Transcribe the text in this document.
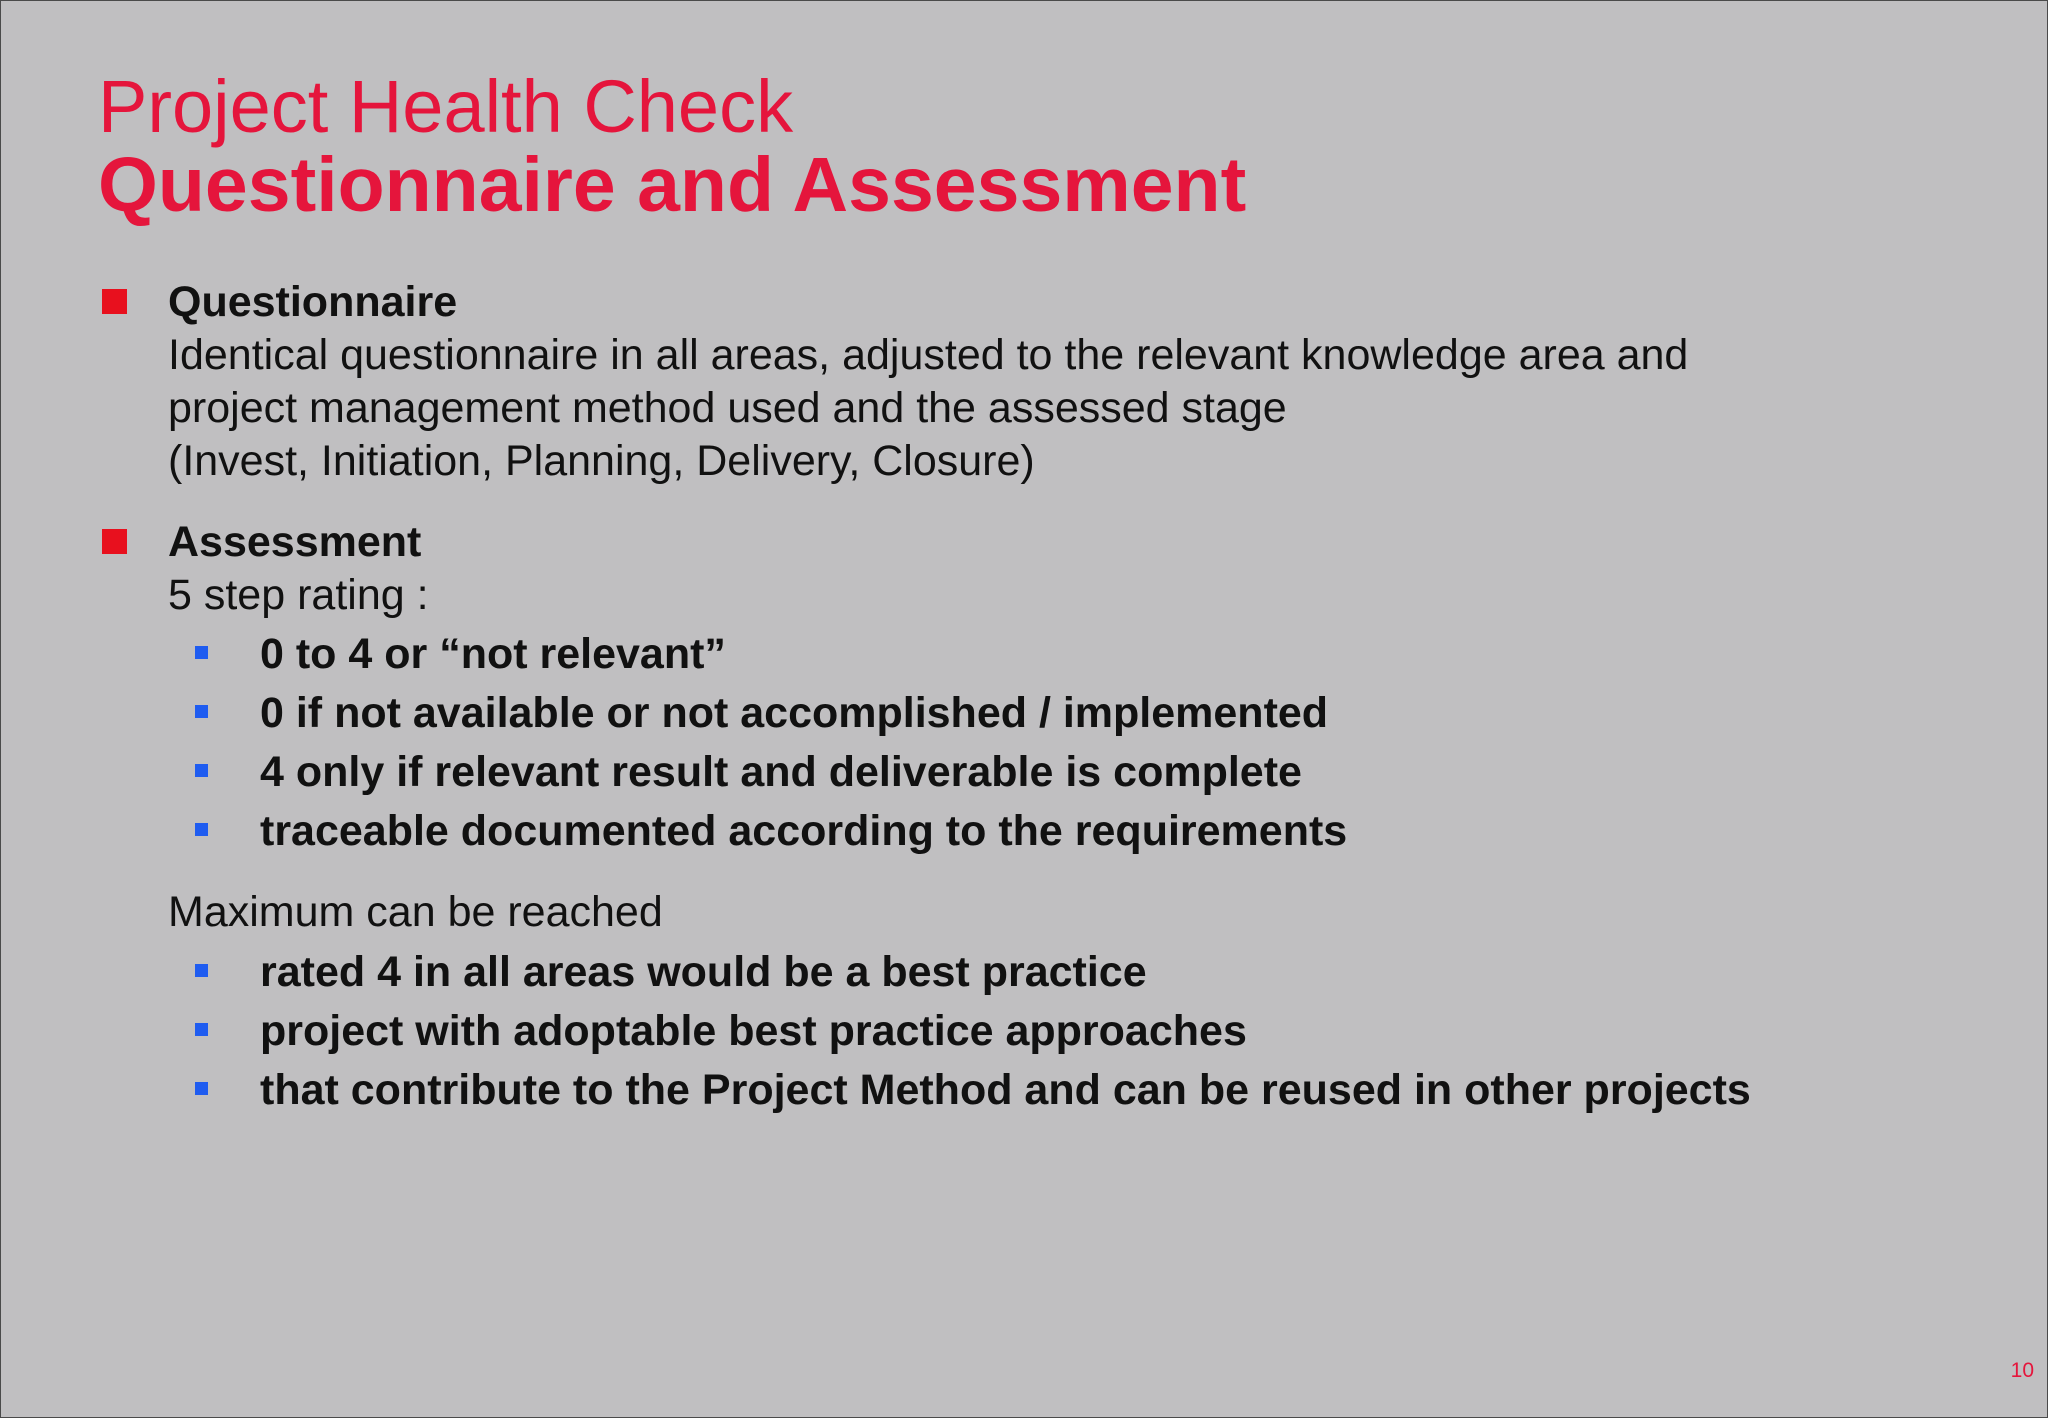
Project Health Check
Questionnaire and Assessment
Questionnaire
Identical questionnaire in all areas, adjusted to the relevant knowledge area and
project management method used and the assessed stage
(Invest, Initiation, Planning, Delivery, Closure)
Assessment
5 step rating :
0 to 4 or “not relevant”
0 if not available or not accomplished / implemented
4 only if relevant result and deliverable is complete
traceable documented according to the requirements
Maximum can be reached
rated 4 in all areas would be a best practice
project with adoptable best practice approaches
that contribute to the Project Method and can be reused in other projects
10
